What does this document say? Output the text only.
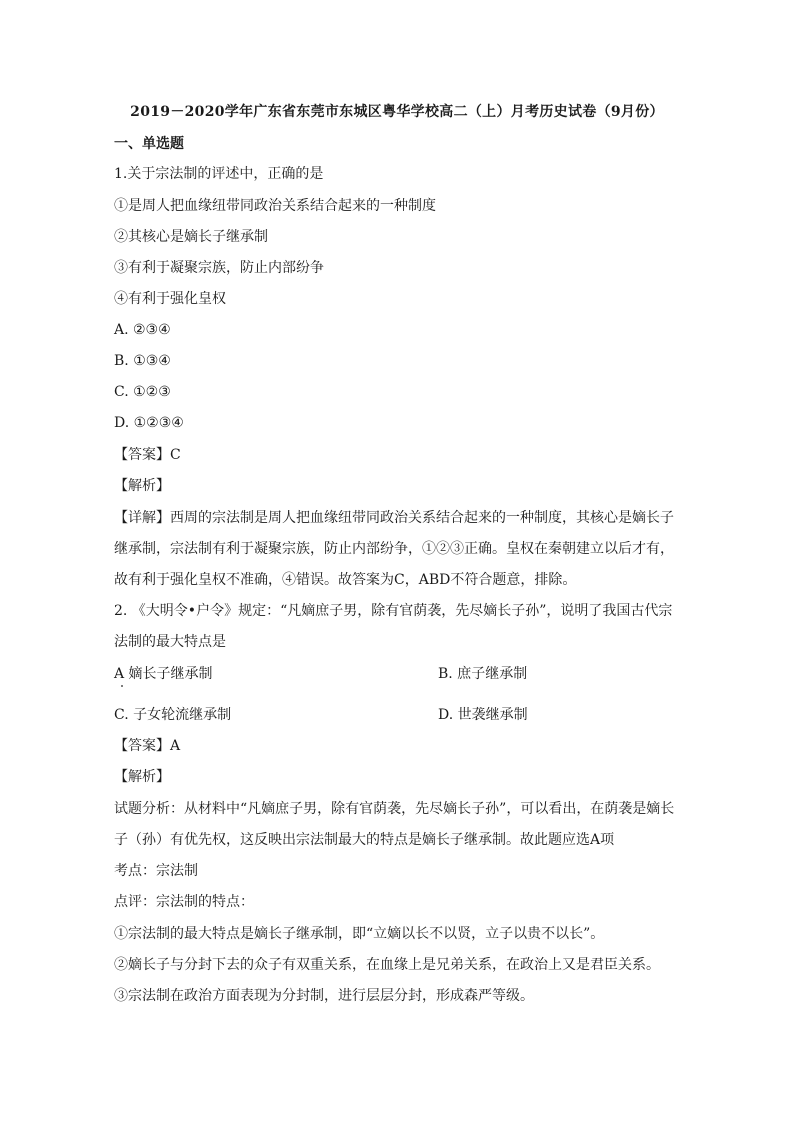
2019－2020学年广东省东莞市东城区粤华学校高二（上）月考历史试卷（9月份）
一、单选题
1.关于宗法制的评述中，正确的是
①是周人把血缘纽带同政治关系结合起来的一种制度
②其核心是嫡长子继承制
③有利于凝聚宗族，防止内部纷争
④有利于强化皇权
A. ②③④
B. ①③④
C. ①②③
D. ①②③④
【答案】C
【解析】
【详解】西周的宗法制是周人把血缘纽带同政治关系结合起来的一种制度，其核心是嫡长子
继承制，宗法制有利于凝聚宗族，防止内部纷争，①②③正确。皇权在秦朝建立以后才有，
故有利于强化皇权不准确，④错误。故答案为C，ABD不符合题意，排除。
2. 《大明令•户令》规定：“凡嫡庶子男，除有官荫袭，先尽嫡长子孙”，说明了我国古代宗
法制的最大特点是
A 嫡长子继承制	B. 庶子继承制
C. 子女轮流继承制	D. 世袭继承制
【答案】A
【解析】
试题分析：从材料中“凡嫡庶子男，除有官荫袭，先尽嫡长子孙”，可以看出，在荫袭是嫡长
子（孙）有优先权，这反映出宗法制最大的特点是嫡长子继承制。故此题应选A项
考点：宗法制
点评：宗法制的特点：
①宗法制的最大特点是嫡长子继承制，即“立嫡以长不以贤，立子以贵不以长”。
②嫡长子与分封下去的众子有双重关系，在血缘上是兄弟关系，在政治上又是君臣关系。
③宗法制在政治方面表现为分封制，进行层层分封，形成森严等级。
